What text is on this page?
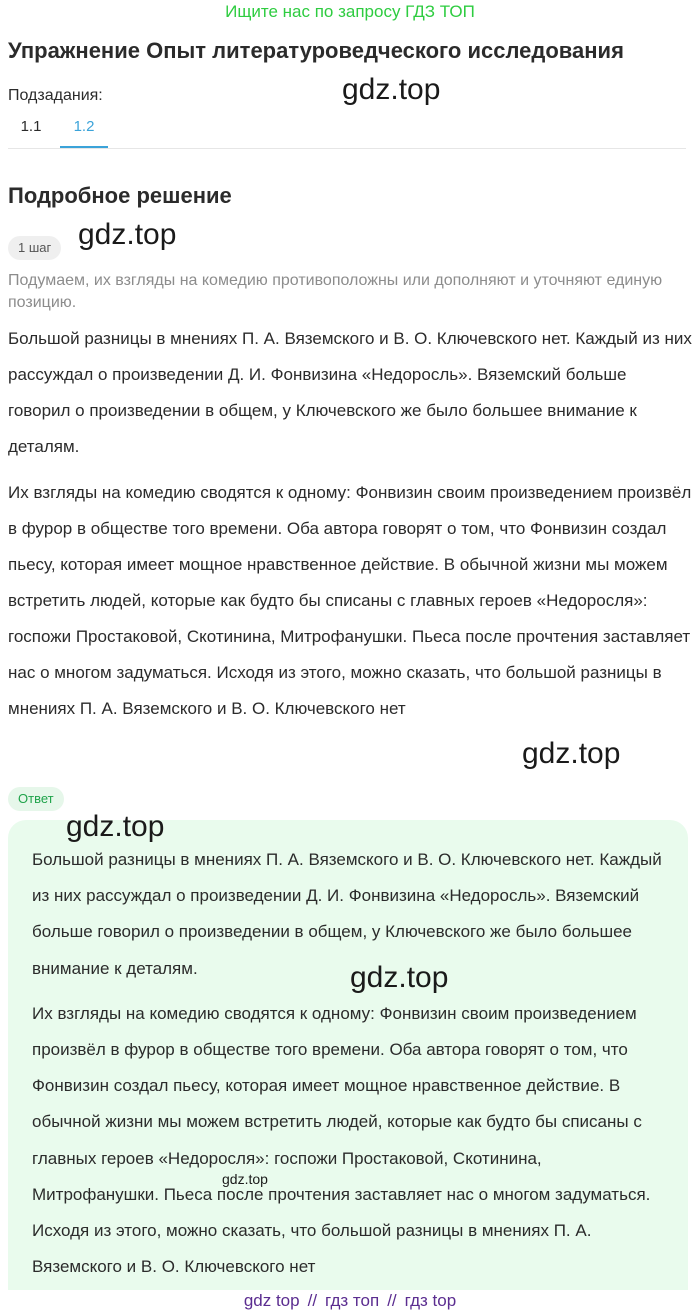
Ищите нас по запросу ГДЗ ТОП
Упражнение Опыт литературоведческого исследования
Подзадания:
1.1	1.2
Подробное решение
1 шаг
Подумаем, их взгляды на комедию противоположны или дополняют и уточняют единую позицию.

Большой разницы в мнениях П. А. Вяземского и В. О. Ключевского нет. Каждый из них рассуждал о произведении Д. И. Фонвизина «Недоросль». Вяземский больше говорил о произведении в общем, у Ключевского же было большее внимание к деталям.

Их взгляды на комедию сводятся к одному: Фонвизин своим произведением произвёл в фурор в обществе того времени. Оба автора говорят о том, что Фонвизин создал пьесу, которая имеет мощное нравственное действие. В обычной жизни мы можем встретить людей, которые как будто бы списаны с главных героев «Недоросля»: госпожи Простаковой, Скотинина, Митрофанушки. Пьеса после прочтения заставляет нас о многом задуматься. Исходя из этого, можно сказать, что большой разницы в мнениях П. А. Вяземского и В. О. Ключевского нет

Ответ

Большой разницы в мнениях П. А. Вяземского и В. О. Ключевского нет. Каждый из них рассуждал о произведении Д. И. Фонвизина «Недоросль». Вяземский больше говорил о произведении в общем, у Ключевского же было большее внимание к деталям.

Их взгляды на комедию сводятся к одному: Фонвизин своим произведением произвёл в фурор в обществе того времени. Оба автора говорят о том, что Фонвизин создал пьесу, которая имеет мощное нравственное действие. В обычной жизни мы можем встретить людей, которые как будто бы списаны с главных героев «Недоросля»: госпожи Простаковой, Скотинина, Митрофанушки. Пьеса после прочтения заставляет нас о многом задуматься. Исходя из этого, можно сказать, что большой разницы в мнениях П. А. Вяземского и В. О. Ключевского нет

gdz.top
gdz.top
gdz.top
gdz.top
gdz.top
gdz.top
gdz top // гдз топ // гдз top
